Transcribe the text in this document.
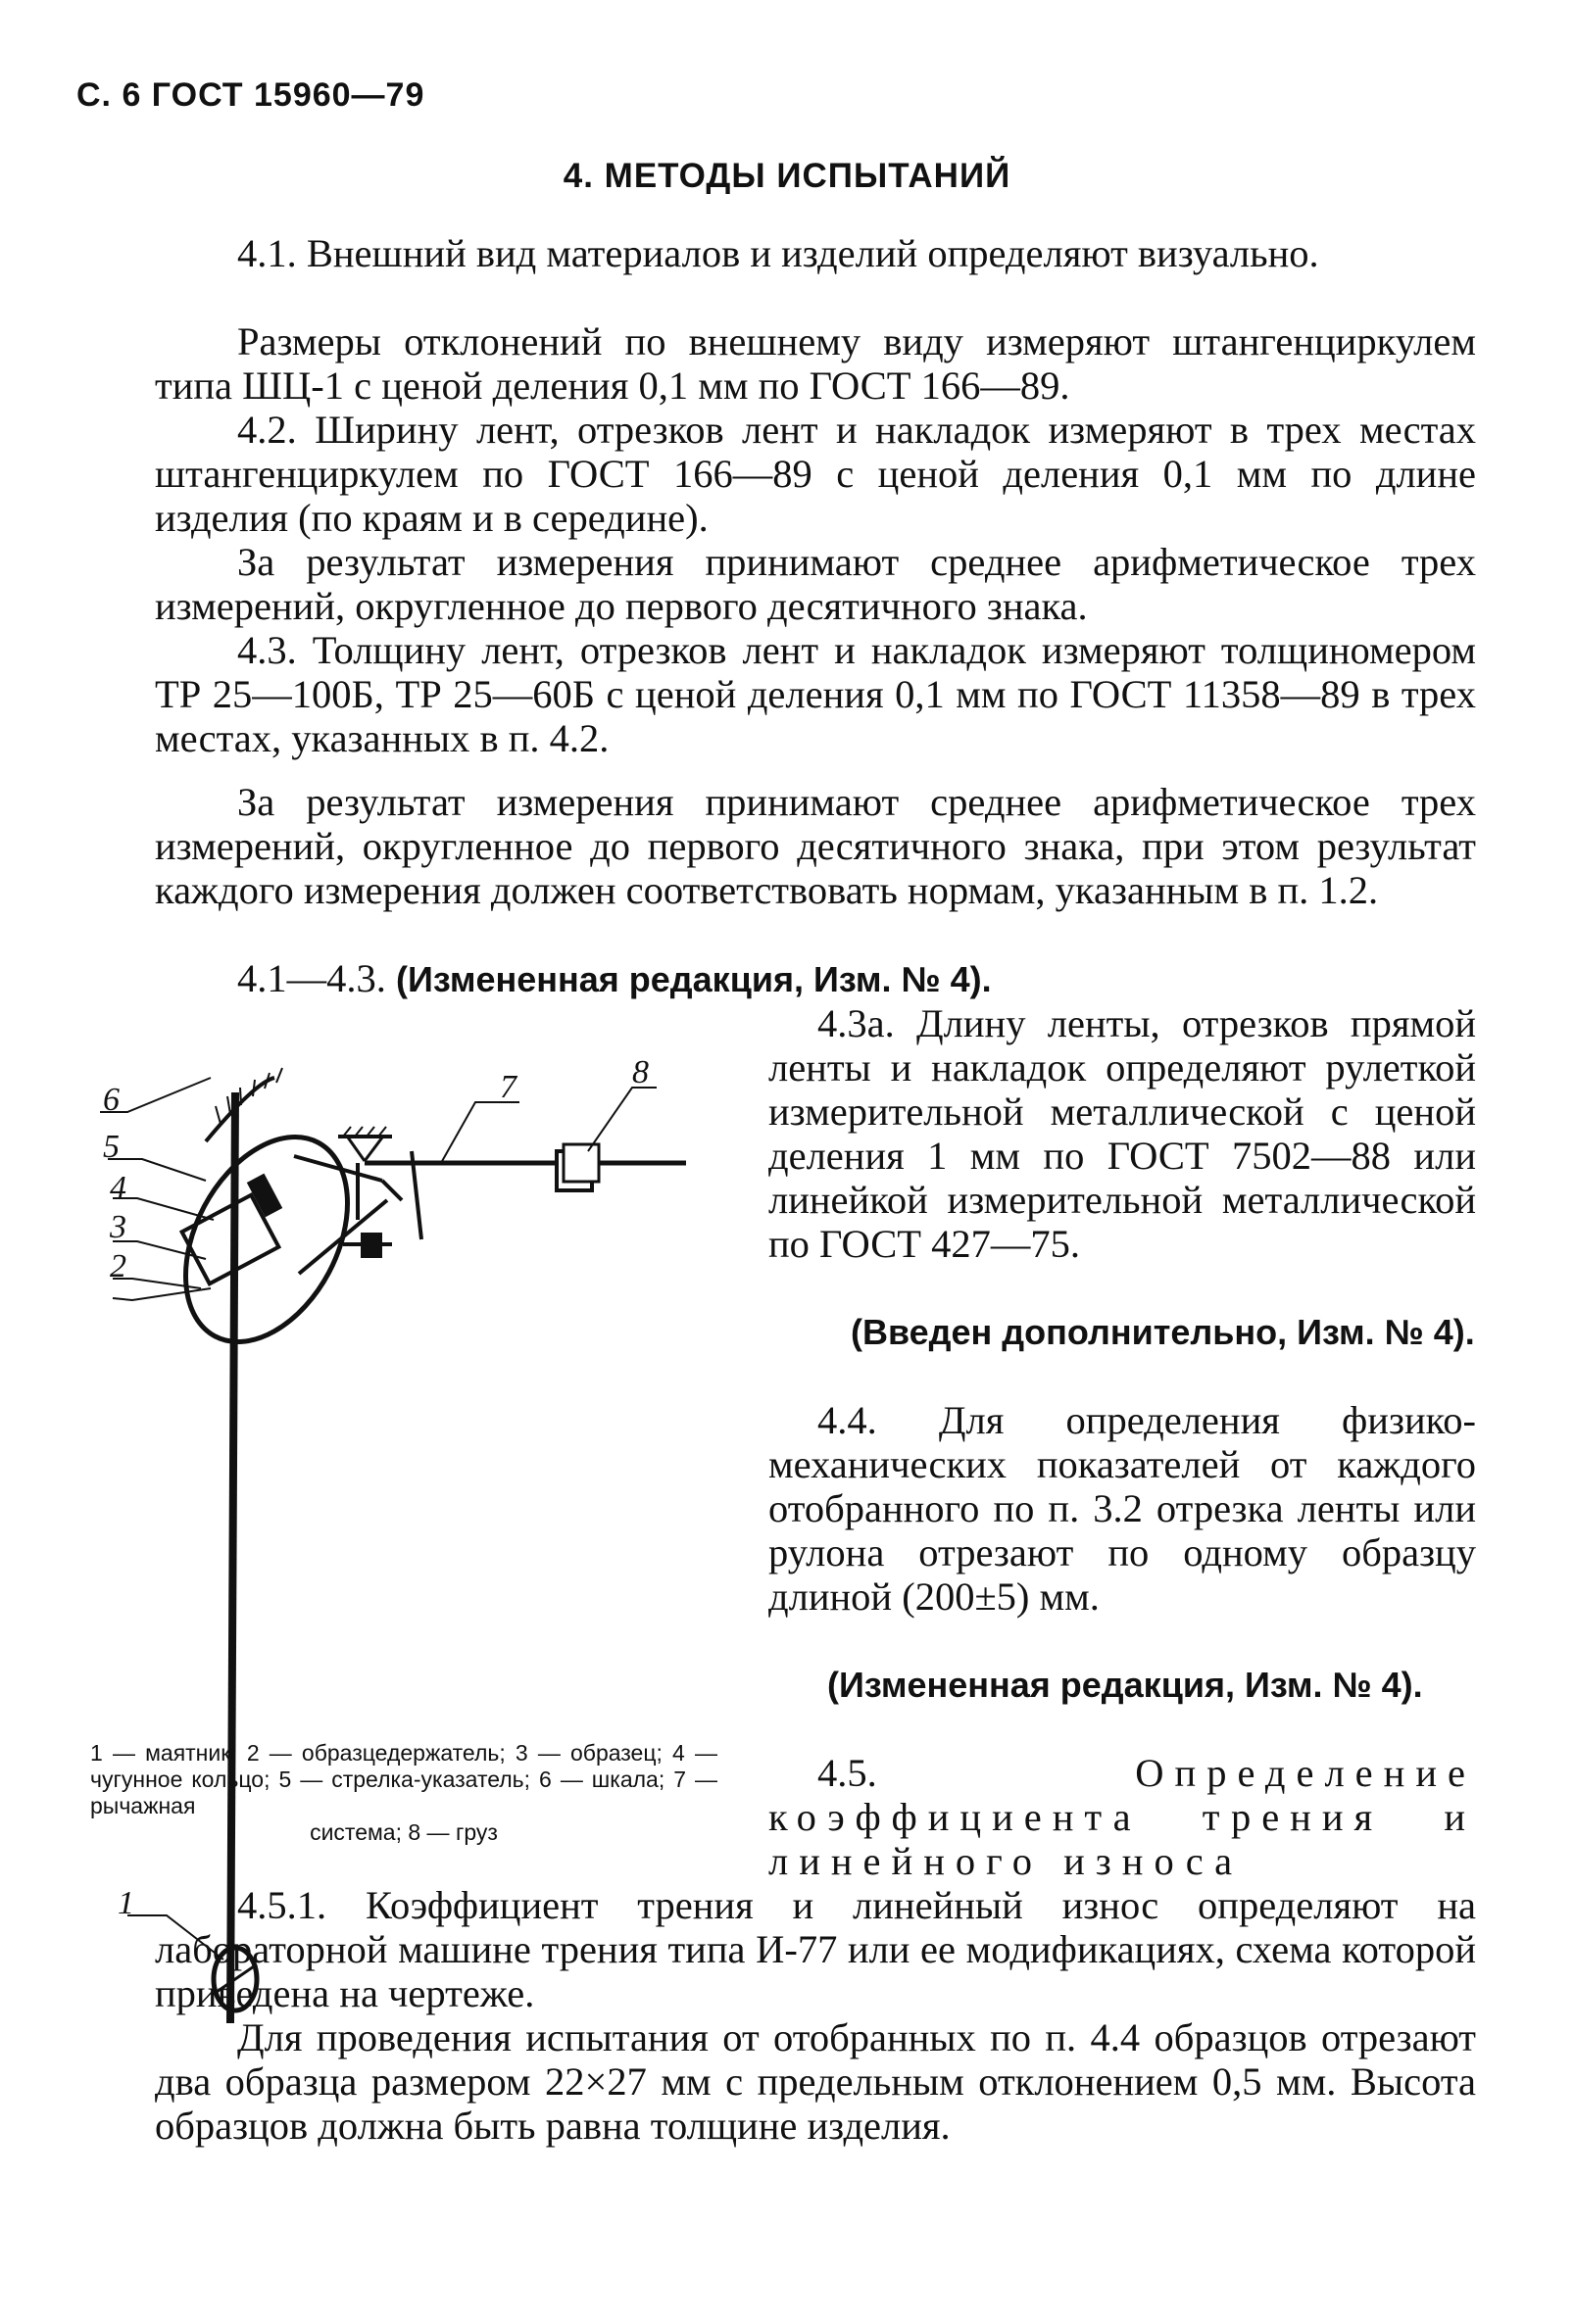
С. 6 ГОСТ 15960—79
4. МЕТОДЫ ИСПЫТАНИЙ
4.1. Внешний вид материалов и изделий определяют визуально.
Размеры отклонений по внешнему виду измеряют штангенциркулем типа ШЦ-1 с ценой деления 0,1 мм по ГОСТ 166—89.
4.2. Ширину лент, отрезков лент и накладок измеряют в трех местах штангенциркулем по ГОСТ 166—89 с ценой деления 0,1 мм по длине изделия (по краям и в середине).
За результат измерения принимают среднее арифметическое трех измерений, округленное до первого десятичного знака.
4.3. Толщину лент, отрезков лент и накладок измеряют толщиномером ТР 25—100Б, ТР 25—60Б с ценой деления 0,1 мм по ГОСТ 11358—89 в трех местах, указанных в п. 4.2.
За результат измерения принимают среднее арифметическое трех измерений, округленное до первого десятичного знака, при этом результат каждого измерения должен соответствовать нормам, указанным в п. 1.2.
4.1—4.3. (Измененная редакция, Изм. № 4).
6
5
4
3
2
1
7	8
1 — маятник; 2 — образцедержатель; 3 — образец; 4 — чугунное кольцо; 5 — стрелка-указатель; 6 — шкала; 7 — рычажная
система; 8 — груз
4.3а. Длину ленты, отрезков прямой ленты и накладок определяют рулеткой измерительной металлической с ценой деления 1 мм по ГОСТ 7502—88 или линейкой измерительной металлической по ГОСТ 427—75.
(Введен дополнительно, Изм. № 4).
4.4. Для определения физико-механических показателей от каждого отобранного по п. 3.2 отрезка ленты или рулона отрезают по одному образцу длиной (200±5) мм.
(Измененная редакция, Изм. № 4).
4.5.	Определение коэффициента трения и линейного износа
4.5.1. Коэффициент трения и линейный износ определяют на лабораторной машине трения типа И-77 или ее модификациях, схема которой приведена на чертеже.
Для проведения испытания от отобранных по п. 4.4 образцов отрезают два образца размером 22×27 мм с предельным отклонением 0,5 мм. Высота образцов должна быть равна толщине изделия.
